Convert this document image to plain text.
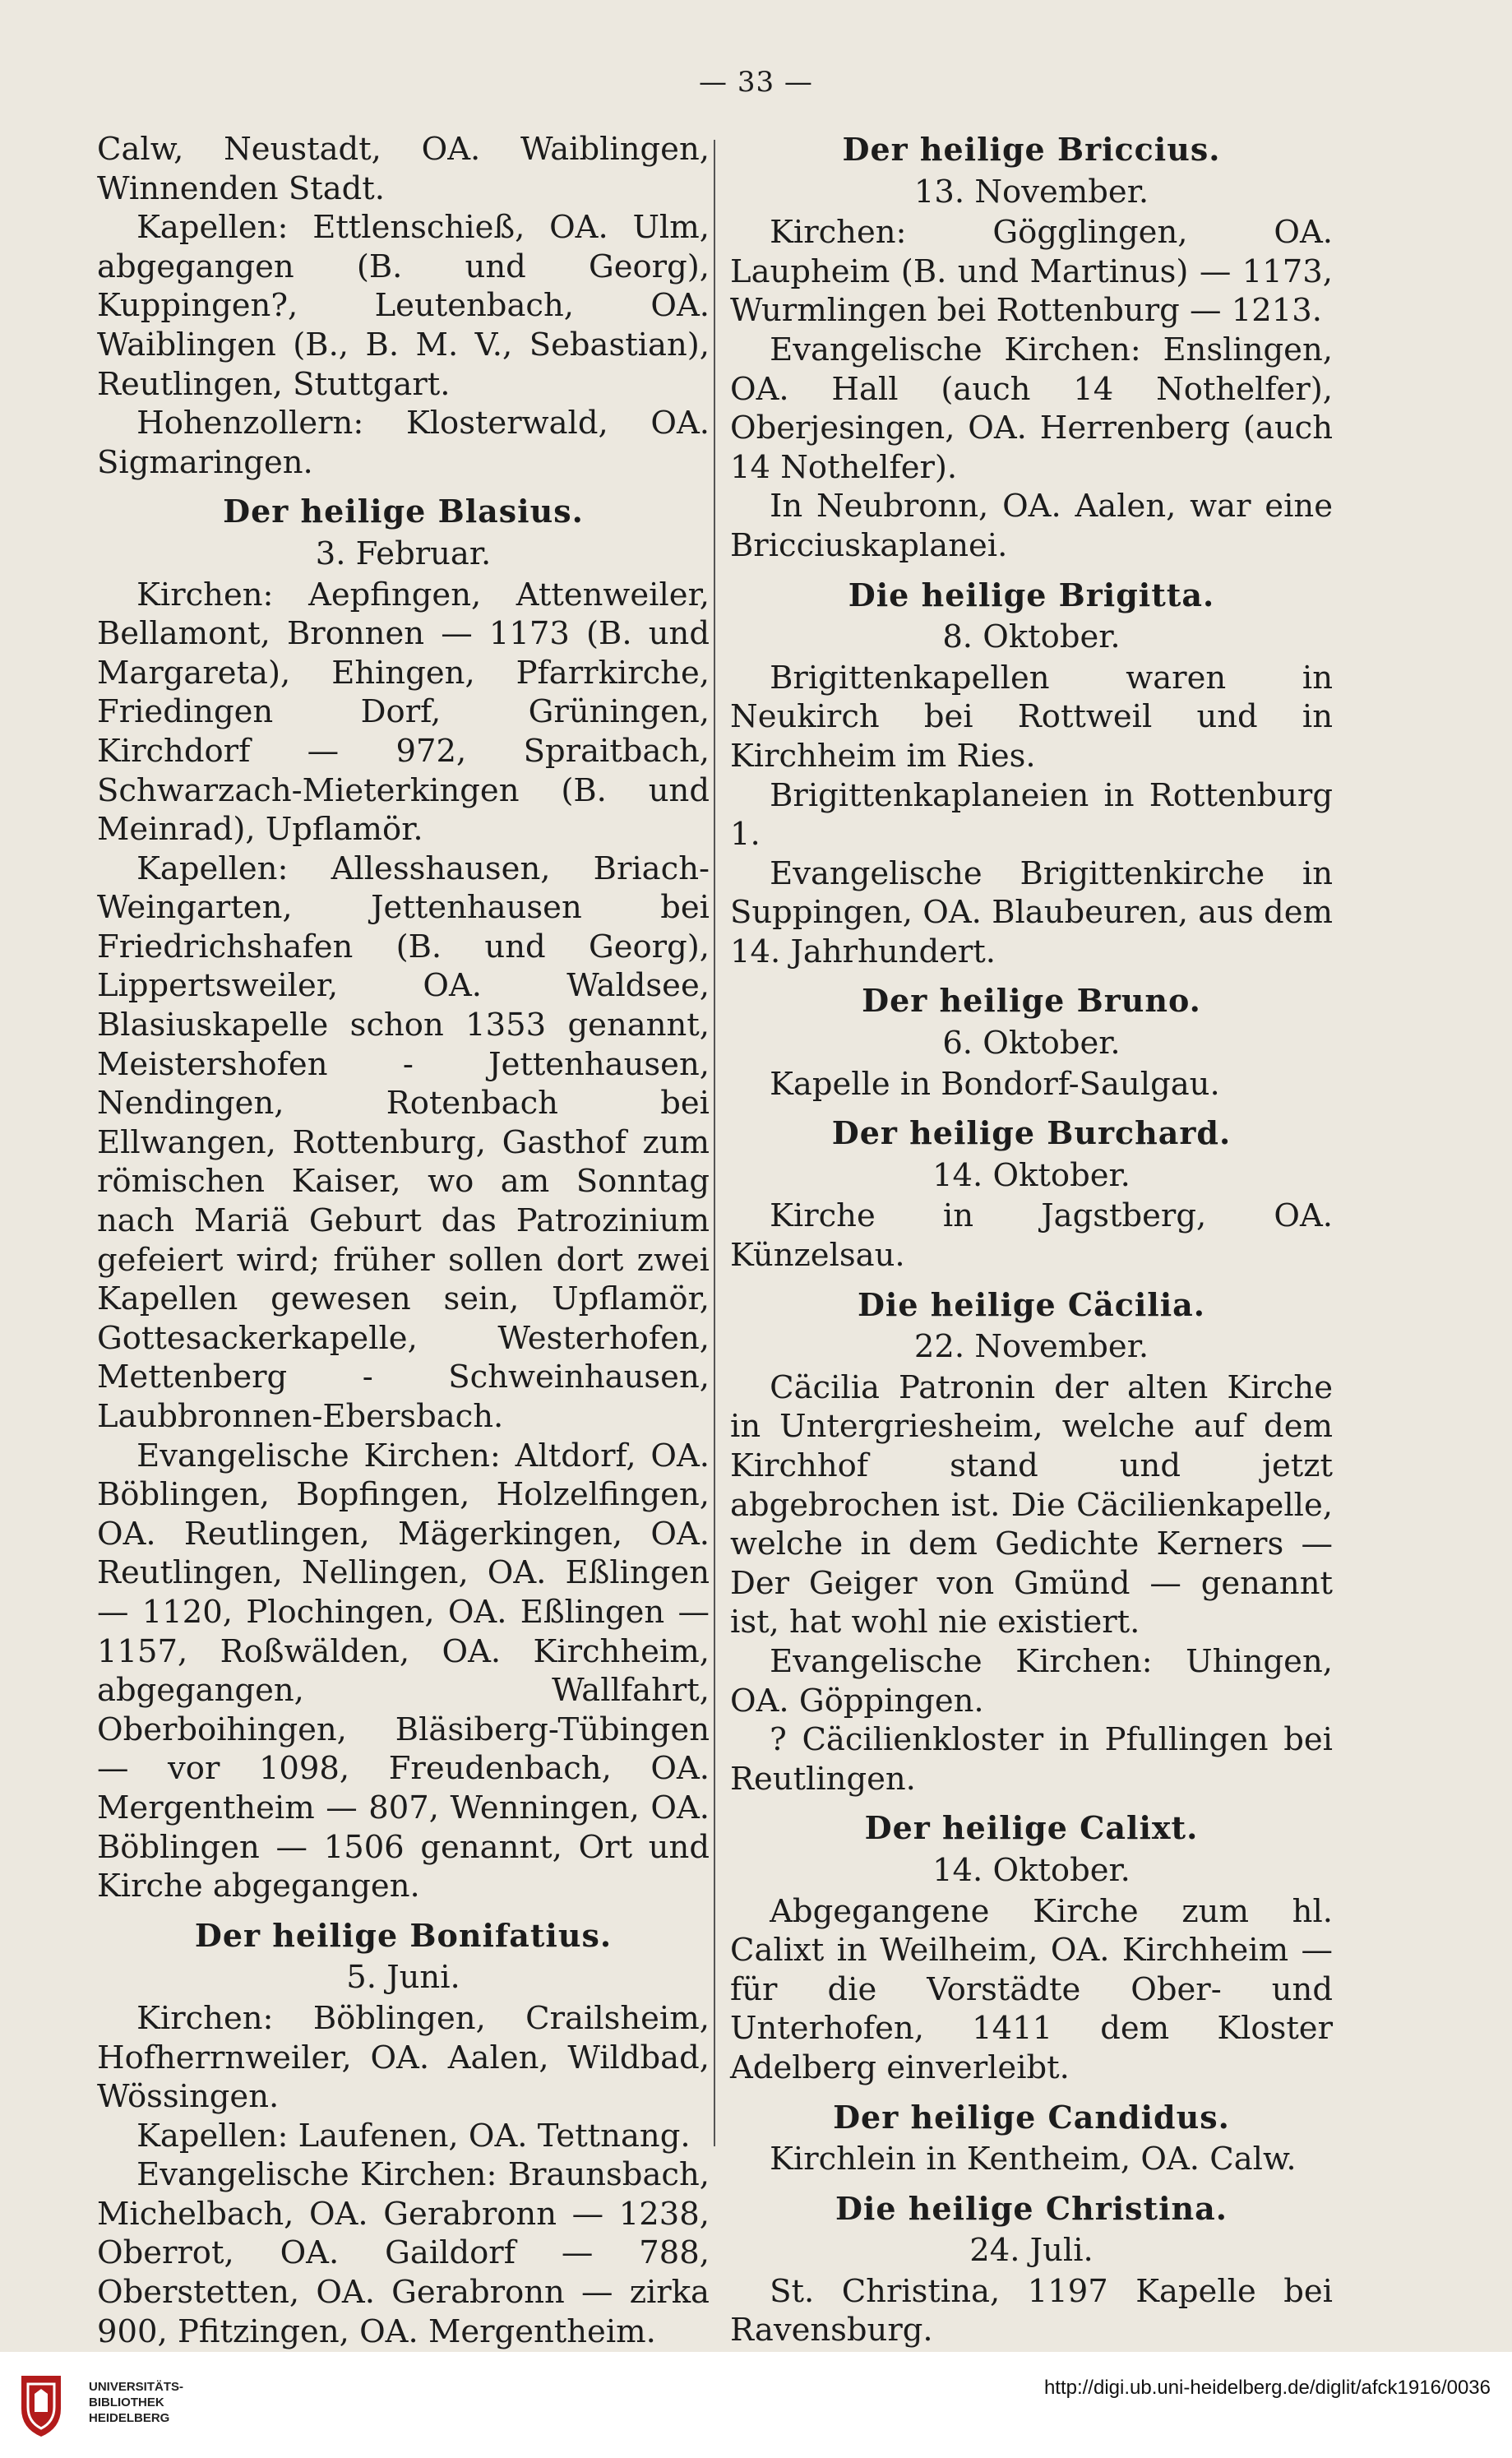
— 33 —

Calw, Neustadt, OA. Waiblingen, Winnenden Stadt.

Kapellen: Ettlenschieß, OA. Ulm, abgegangen (B. und Georg), Kuppingen?, Leutenbach, OA. Waiblingen (B., B. M. V., Sebastian), Reutlingen, Stuttgart.

Hohenzollern: Klosterwald, OA. Sigmaringen.

Der heilige Blasius.
3. Februar.

Kirchen: Aepfingen, Attenweiler, Bellamont, Bronnen — 1173 (B. und Margareta), Ehingen, Pfarrkirche, Friedingen Dorf, Grüningen, Kirchdorf — 972, Spraitbach, Schwarzach-Mieterkingen (B. und Meinrad), Upflamör.

Kapellen: Allesshausen, Briach-Weingarten, Jettenhausen bei Friedrichshafen (B. und Georg), Lippertsweiler, OA. Waldsee, Blasiuskapelle schon 1353 genannt, Meistershofen - Jettenhausen, Nendingen, Rotenbach bei Ellwangen, Rottenburg, Gasthof zum römischen Kaiser, wo am Sonntag nach Mariä Geburt das Patrozinium gefeiert wird; früher sollen dort zwei Kapellen gewesen sein, Upflamör, Gottesackerkapelle, Westerhofen, Mettenberg - Schweinhausen, Laubbronnen-Ebersbach.

Evangelische Kirchen: Altdorf, OA. Böblingen, Bopfingen, Holzelfingen, OA. Reutlingen, Mägerkingen, OA. Reutlingen, Nellingen, OA. Eßlingen — 1120, Plochingen, OA. Eßlingen — 1157, Roßwälden, OA. Kirchheim, abgegangen, Wallfahrt, Oberboihingen, Bläsiberg-Tübingen — vor 1098, Freudenbach, OA. Mergentheim — 807, Wenningen, OA. Böblingen — 1506 genannt, Ort und Kirche abgegangen.

Der heilige Bonifatius.
5. Juni.

Kirchen: Böblingen, Crailsheim, Hofherrnweiler, OA. Aalen, Wildbad, Wössingen.

Kapellen: Laufenen, OA. Tettnang.

Evangelische Kirchen: Braunsbach, Michelbach, OA. Gerabronn — 1238, Oberrot, OA. Gaildorf — 788, Oberstetten, OA. Gerabronn — zirka 900, Pfitzingen, OA. Mergentheim.

Der heilige Briccius.
13. November.

Kirchen: Gögglingen, OA. Laupheim (B. und Martinus) — 1173, Wurmlingen bei Rottenburg — 1213.

Evangelische Kirchen: Enslingen, OA. Hall (auch 14 Nothelfer), Oberjesingen, OA. Herrenberg (auch 14 Nothelfer).

In Neubronn, OA. Aalen, war eine Bricciuskaplanei.

Die heilige Brigitta.
8. Oktober.

Brigittenkapellen waren in Neukirch bei Rottweil und in Kirchheim im Ries.

Brigittenkaplaneien in Rottenburg 1.

Evangelische Brigittenkirche in Suppingen, OA. Blaubeuren, aus dem 14. Jahrhundert.

Der heilige Bruno.
6. Oktober.

Kapelle in Bondorf-Saulgau.

Der heilige Burchard.
14. Oktober.

Kirche in Jagstberg, OA. Künzelsau.

Die heilige Cäcilia.
22. November.

Cäcilia Patronin der alten Kirche in Untergriesheim, welche auf dem Kirchhof stand und jetzt abgebrochen ist. Die Cäcilienkapelle, welche in dem Gedichte Kerners — Der Geiger von Gmünd — genannt ist, hat wohl nie existiert.

Evangelische Kirchen: Uhingen, OA. Göppingen.

? Cäcilienkloster in Pfullingen bei Reutlingen.

Der heilige Calixt.
14. Oktober.

Abgegangene Kirche zum hl. Calixt in Weilheim, OA. Kirchheim — für die Vorstädte Ober- und Unterhofen, 1411 dem Kloster Adelberg einverleibt.

Der heilige Candidus.

Kirchlein in Kentheim, OA. Calw.

Die heilige Christina.
24. Juli.

St. Christina, 1197 Kapelle bei Ravensburg.

UNIVERSITÄTS-
BIBLIOTHEK
HEIDELBERG
http://digi.ub.uni-heidelberg.de/diglit/afck1916/0036
